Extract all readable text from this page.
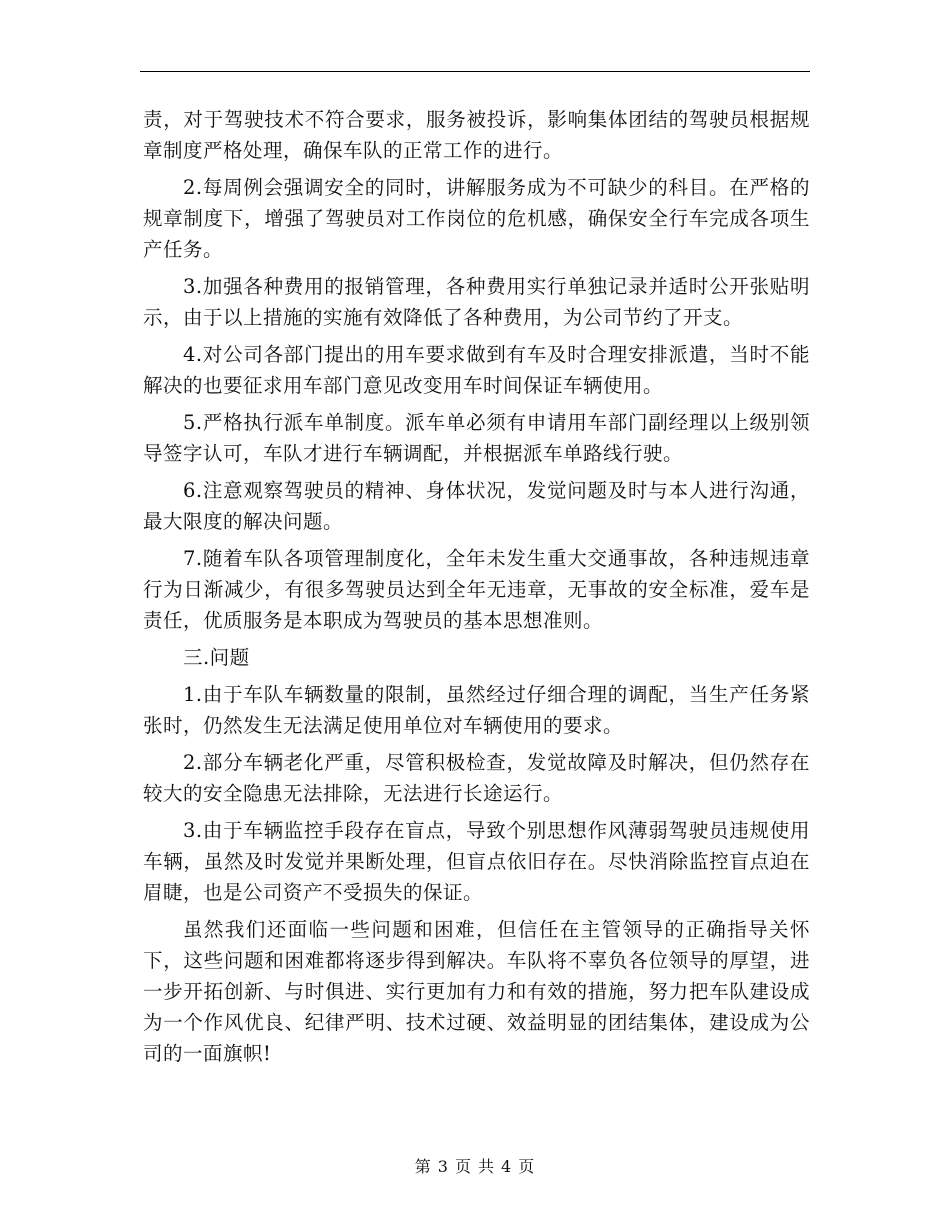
责，对于驾驶技术不符合要求，服务被投诉，影响集体团结的驾驶员根据规章制度严格处理，确保车队的正常工作的进行。

2.每周例会强调安全的同时，讲解服务成为不可缺少的科目。在严格的规章制度下，增强了驾驶员对工作岗位的危机感，确保安全行车完成各项生产任务。

3.加强各种费用的报销管理，各种费用实行单独记录并适时公开张贴明示，由于以上措施的实施有效降低了各种费用，为公司节约了开支。

4.对公司各部门提出的用车要求做到有车及时合理安排派遣，当时不能解决的也要征求用车部门意见改变用车时间保证车辆使用。

5.严格执行派车单制度。派车单必须有申请用车部门副经理以上级别领导签字认可，车队才进行车辆调配，并根据派车单路线行驶。

6.注意观察驾驶员的精神、身体状况，发觉问题及时与本人进行沟通，最大限度的解决问题。

7.随着车队各项管理制度化，全年未发生重大交通事故，各种违规违章行为日渐减少，有很多驾驶员达到全年无违章，无事故的安全标准，爱车是责任，优质服务是本职成为驾驶员的基本思想准则。

三.问题

1.由于车队车辆数量的限制，虽然经过仔细合理的调配，当生产任务紧张时，仍然发生无法满足使用单位对车辆使用的要求。

2.部分车辆老化严重，尽管积极检查，发觉故障及时解决，但仍然存在较大的安全隐患无法排除，无法进行长途运行。

3.由于车辆监控手段存在盲点，导致个别思想作风薄弱驾驶员违规使用车辆，虽然及时发觉并果断处理，但盲点依旧存在。尽快消除监控盲点迫在眉睫，也是公司资产不受损失的保证。

虽然我们还面临一些问题和困难，但信任在主管领导的正确指导关怀下，这些问题和困难都将逐步得到解决。车队将不辜负各位领导的厚望，进一步开拓创新、与时俱进、实行更加有力和有效的措施，努力把车队建设成为一个作风优良、纪律严明、技术过硬、效益明显的团结集体，建设成为公司的一面旗帜!

第 3 页 共 4 页
